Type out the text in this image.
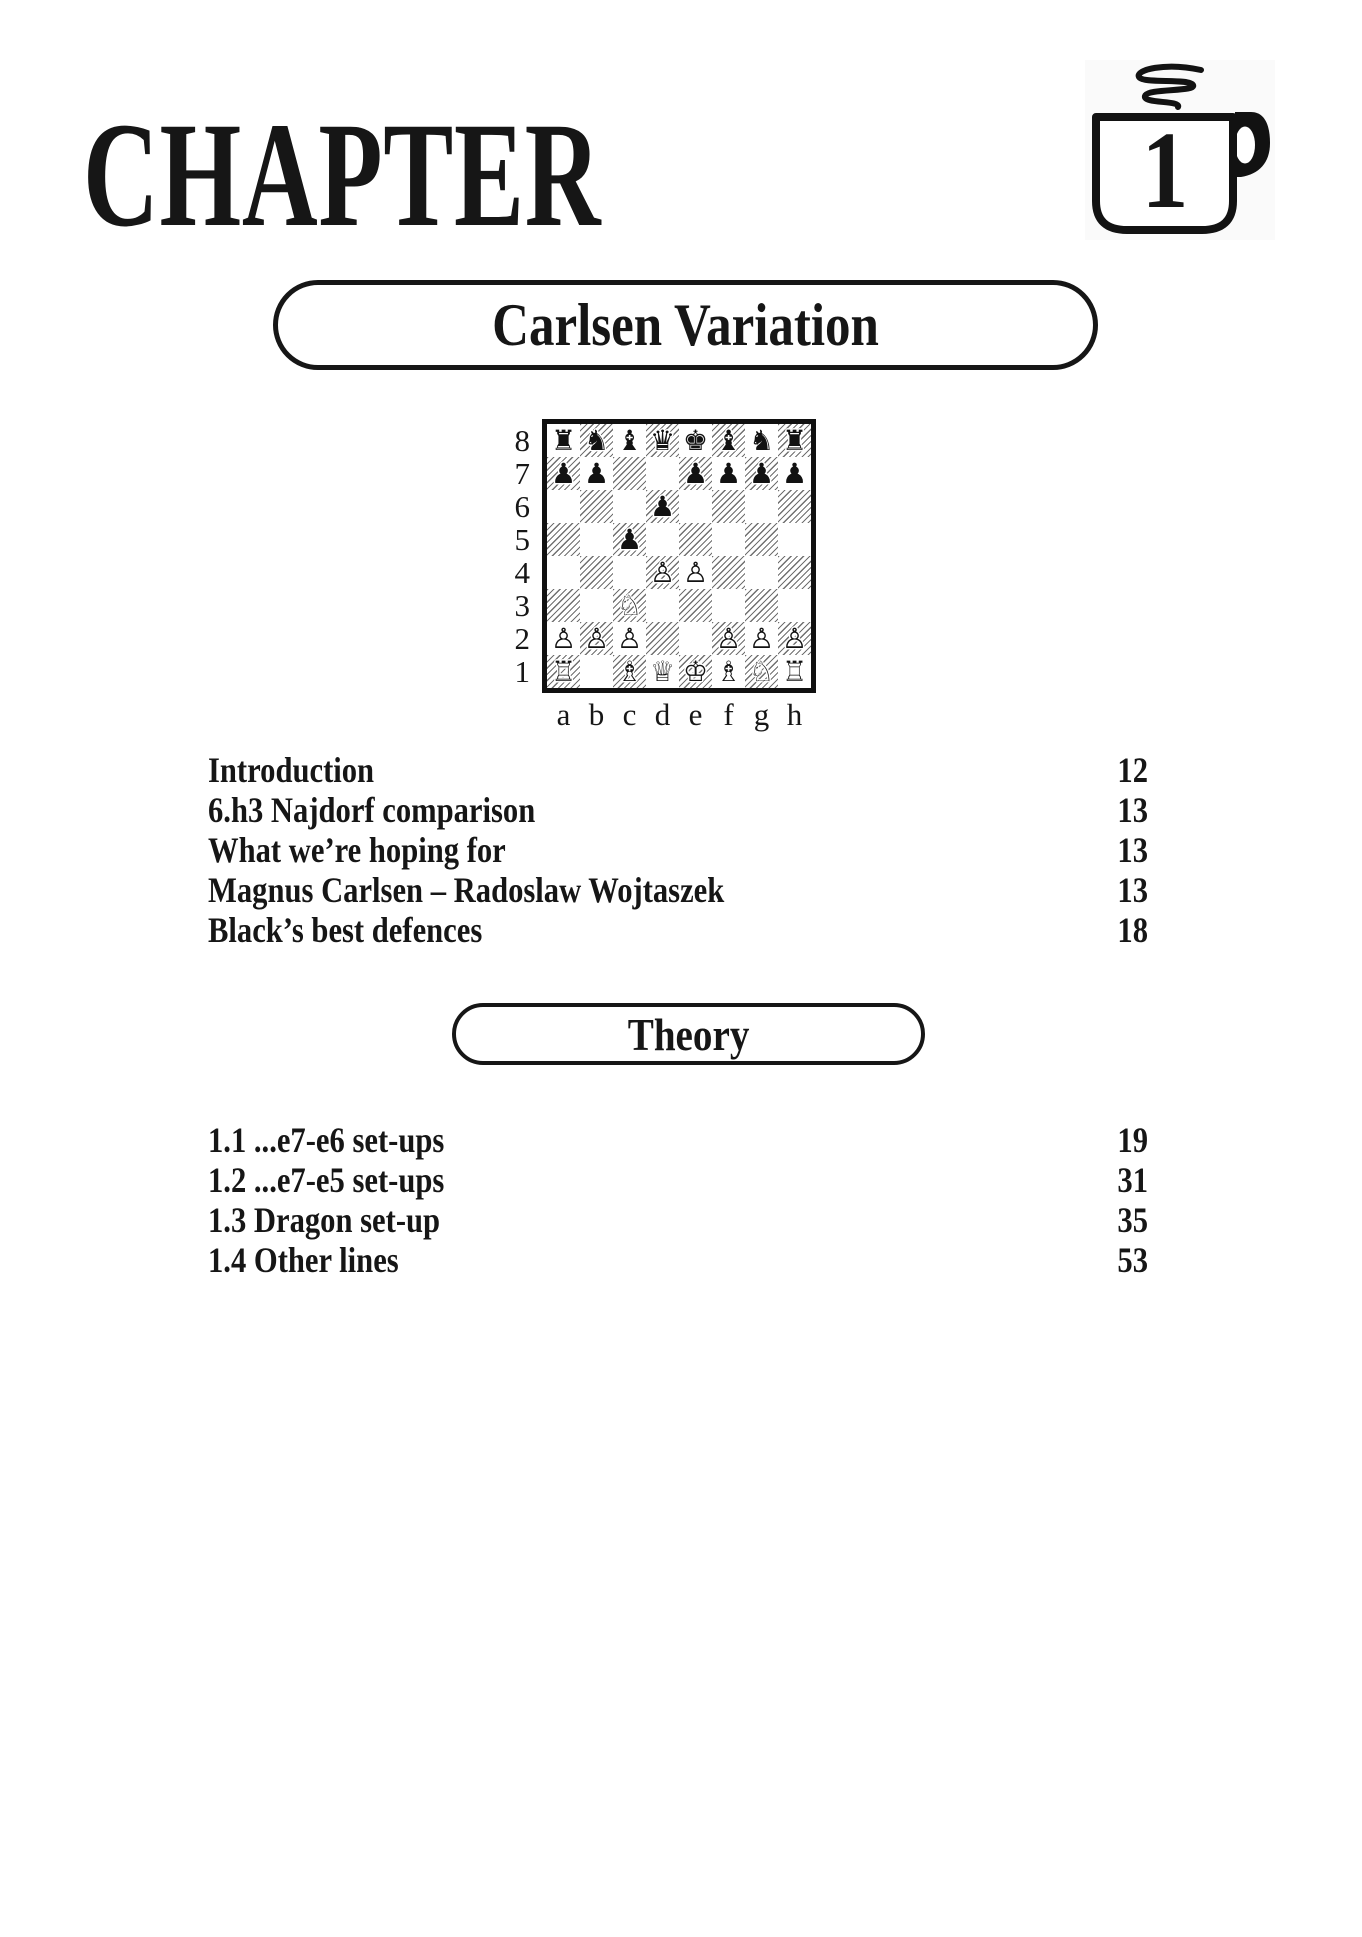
CHAPTER	1
Carlsen Variation
8
7
6
5
4
3
2
1
♜ ♞ ♝ ♛ ♚ ♝ ♞ ♜
♟ ♟	♟ ♟ ♟ ♟
♟
♟
♙ ♙
♘
♙ ♙ ♙	♙ ♙ ♙
♖ ♗ ♕ ♔ ♗ ♘ ♖
a b c d e f g h
Introduction	12
6.h3 Najdorf comparison	13
What we’re hoping for	13
Magnus Carlsen – Radoslaw Wojtaszek	13
Black’s best defences	18
Theory
1.1 ...e7-e6 set-ups	19
1.2 ...e7-e5 set-ups	31
1.3 Dragon set-up	35
1.4 Other lines	53
